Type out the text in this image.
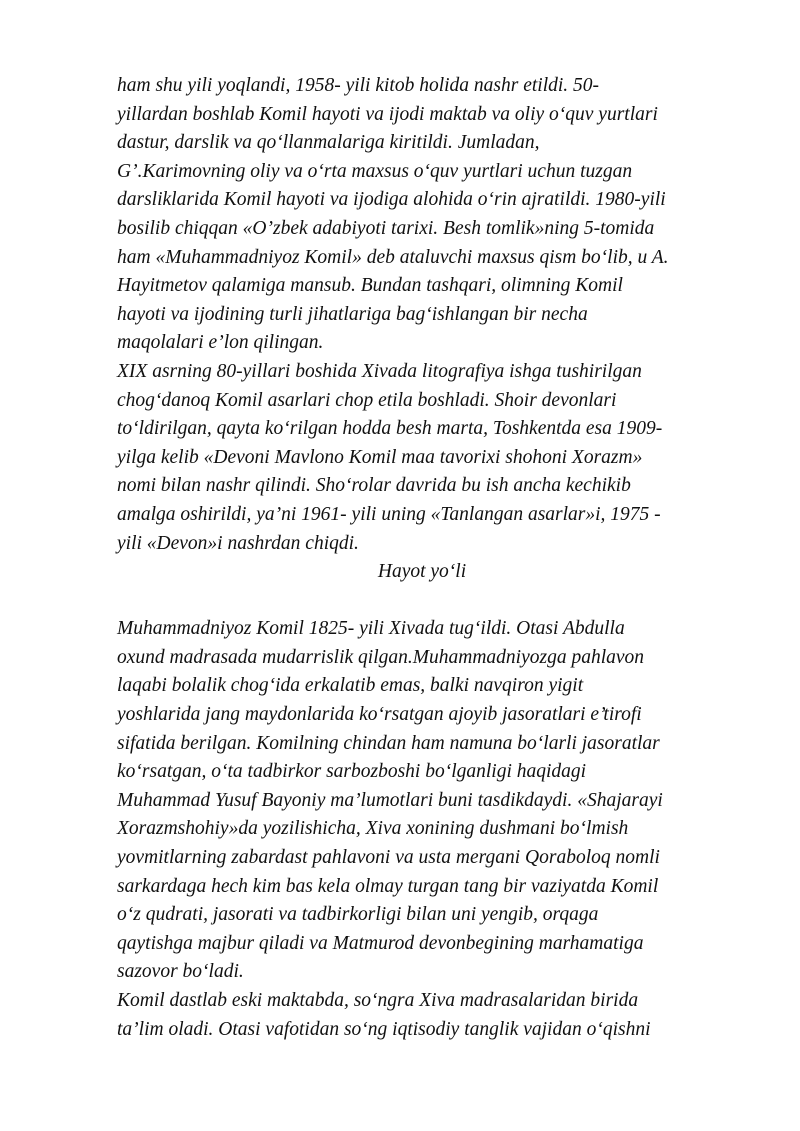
ham shu yili yoqlandi, 1958- yili kitob holida nashr etildi. 50-
yillardan boshlab Komil hayoti va ijodi maktab va oliy o‘quv yurtlari
dastur, darslik va qo‘llanmalariga kiritildi. Jumladan,
G’.Karimovning oliy va o‘rta maxsus o‘quv yurtlari uchun tuzgan
darsliklarida Komil hayoti va ijodiga alohida o‘rin ajratildi. 1980-yili
bosilib chiqqan «O’zbek adabiyoti tarixi. Besh tomlik»ning 5-tomida
ham «Muhammadniyoz Komil» deb ataluvchi maxsus qism bo‘lib, u A.
Hayitmetov qalamiga mansub. Bundan tashqari, olimning Komil
hayoti va ijodining turli jihatlariga bag‘ishlangan bir necha
maqolalari e’lon qilingan.
XIX asrning 80-yillari boshida Xivada litografiya ishga tushirilgan
chog‘danoq Komil asarlari chop etila boshladi. Shoir devonlari
to‘ldirilgan, qayta ko‘rilgan hodda besh marta, Toshkentda esa 1909-
yilga kelib «Devoni Mavlono Komil maa tavorixi shohoni Xorazm»
nomi bilan nashr qilindi. Sho‘rolar davrida bu ish ancha kechikib
amalga oshirildi, ya’ni 1961- yili uning «Tanlangan asarlar»i, 1975 -
yili «Devon»i nashrdan chiqdi.
Hayot yo‘li
Muhammadniyoz Komil 1825- yili Xivada tug‘ildi. Otasi Abdulla
oxund madrasada mudarrislik qilgan.Muhammadniyozga pahlavon
laqabi bolalik chog‘ida erkalatib emas, balki navqiron yigit
yoshlarida jang maydonlarida ko‘rsatgan ajoyib jasoratlari e’tirofi
sifatida berilgan. Komilning chindan ham namuna bo‘larli jasoratlar
ko‘rsatgan, o‘ta tadbirkor sarbozboshi bo‘lganligi haqidagi
Muhammad Yusuf Bayoniy ma’lumotlari buni tasdikdaydi. «Shajarayi
Xorazmshohiy»da yozilishicha, Xiva xonining dushmani bo‘lmish
yovmitlarning zabardast pahlavoni va usta mergani Qoraboloq nomli
sarkardaga hech kim bas kela olmay turgan tang bir vaziyatda Komil
o‘z qudrati, jasorati va tadbirkorligi bilan uni yengib, orqaga
qaytishga majbur qiladi va Matmurod devonbegining marhamatiga
sazovor bo‘ladi.
Komil dastlab eski maktabda, so‘ngra Xiva madrasalaridan birida
ta’lim oladi. Otasi vafotidan so‘ng iqtisodiy tanglik vajidan o‘qishni
